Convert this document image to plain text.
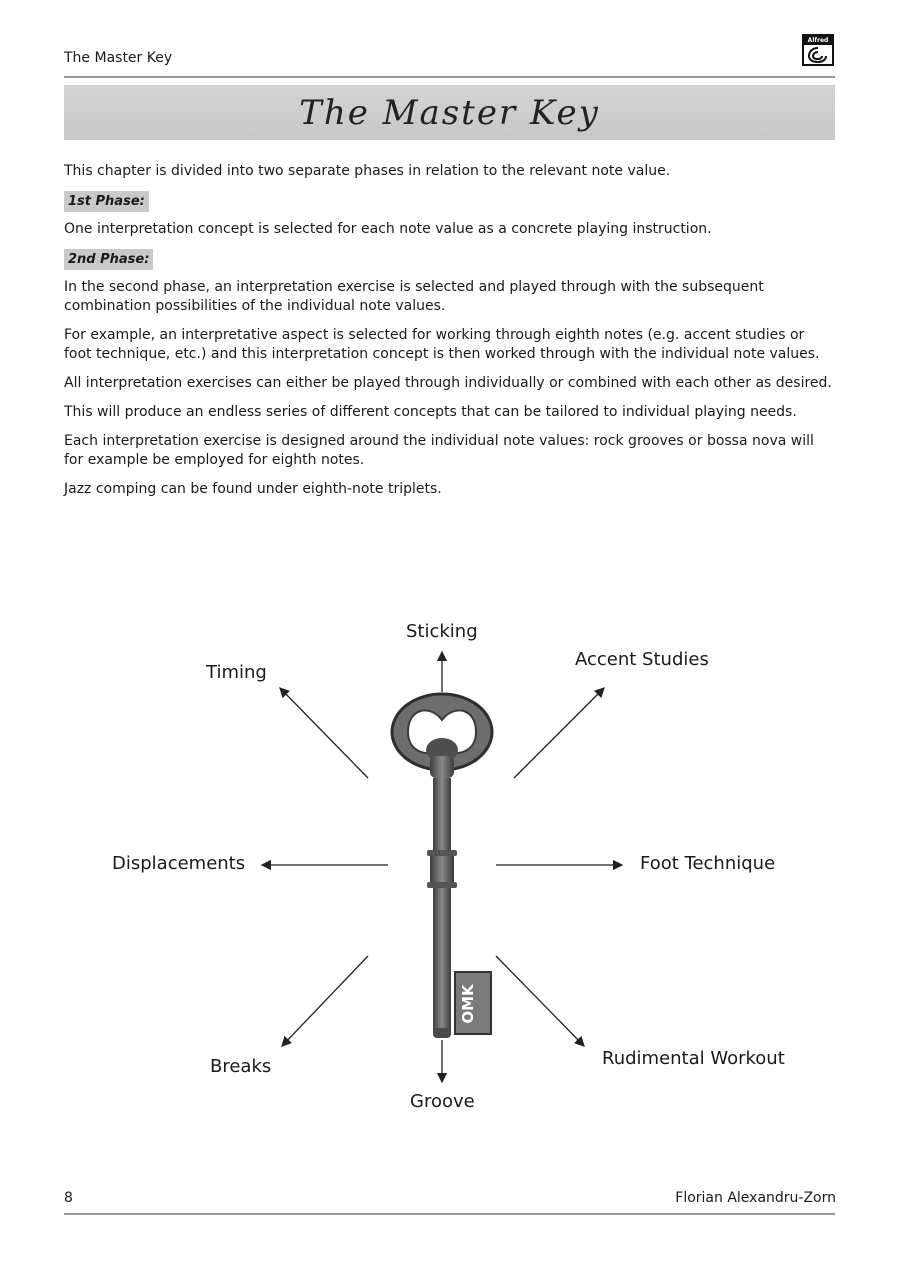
The Master Key
Alfred
The Master Key

This chapter is divided into two separate phases in relation to the relevant note value.

1st Phase:

One interpretation concept is selected for each note value as a concrete playing instruction.

2nd Phase:

In the second phase, an interpretation exercise is selected and played through with the subsequent combination possibilities of the individual note values.

For example, an interpretative aspect is selected for working through eighth notes (e.g. accent studies or foot technique, etc.) and this interpretation concept is then worked through with the individual note values.

All interpretation exercises can either be played through individually or combined with each other as desired.

This will produce an endless series of different concepts that can be tailored to individual playing needs.

Each interpretation exercise is designed around the individual note values: rock grooves or bossa nova will for example be employed for eighth notes.

Jazz comping can be found under eighth-note triplets.

OMK
Sticking
Timing
Accent Studies
Displacements	Foot Technique
Breaks	Rudimental Workout
Groove
8	Florian Alexandru-Zorn
